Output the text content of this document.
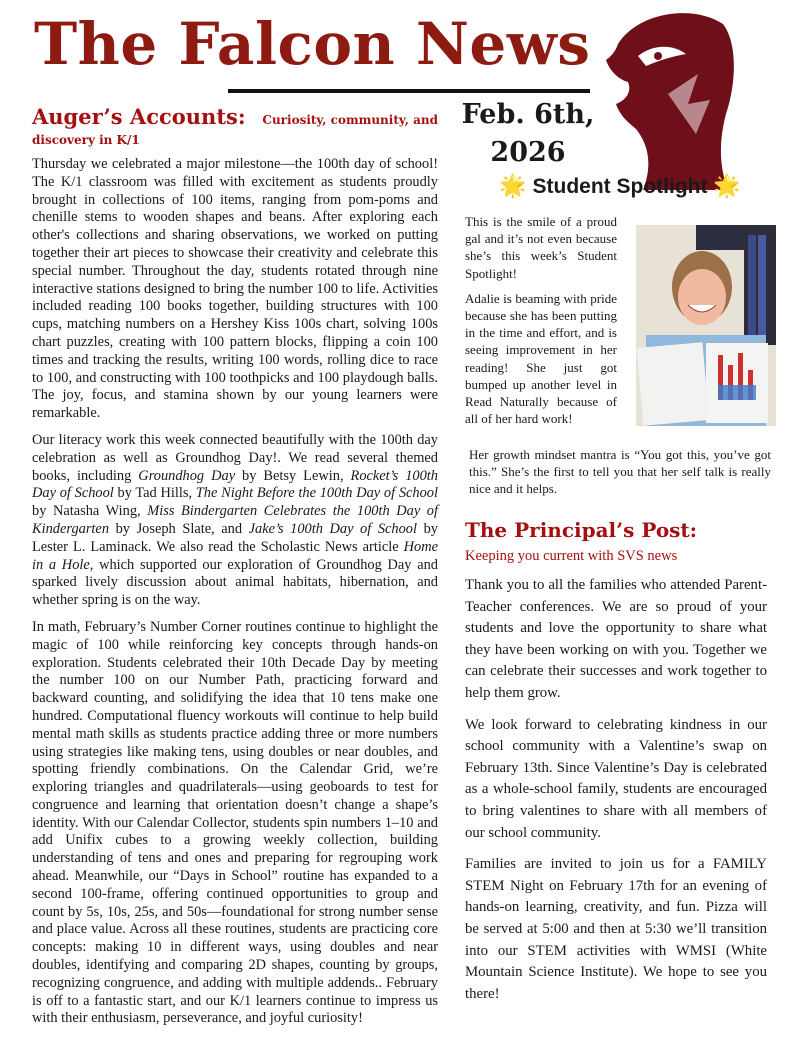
The Falcon News
Auger’s Accounts: Curiosity, community, and discovery in K/1

Thursday we celebrated a major milestone—the 100th day of school! The K/1 classroom was filled with excitement as students proudly brought in collections of 100 items, ranging from pom-poms and chenille stems to wooden shapes and beans. After exploring each other's collections and sharing observations, we worked on putting together their art pieces to showcase their creativity and celebrate this special number. Throughout the day, students rotated through nine interactive stations designed to bring the number 100 to life. Activities included reading 100 books together, building structures with 100 cups, matching numbers on a Hershey Kiss 100s chart, solving 100s chart puzzles, creating with 100 pattern blocks, flipping a coin 100 times and tracking the results, writing 100 words, rolling dice to race to 100, and constructing with 100 toothpicks and 100 playdough balls. The joy, focus, and stamina shown by our young learners were remarkable.

Our literacy work this week connected beautifully with the 100th day celebration as well as Groundhog Day!. We read several themed books, including Groundhog Day by Betsy Lewin, Rocket’s 100th Day of School by Tad Hills, The Night Before the 100th Day of School by Natasha Wing, Miss Bindergarten Celebrates the 100th Day of Kindergarten by Joseph Slate, and Jake’s 100th Day of School by Lester L. Laminack. We also read the Scholastic News article Home in a Hole, which supported our exploration of Groundhog Day and sparked lively discussion about animal habitats, hibernation, and whether spring is on the way.

In math, February’s Number Corner routines continue to highlight the magic of 100 while reinforcing key concepts through hands-on exploration. Students celebrated their 10th Decade Day by meeting the number 100 on our Number Path, practicing forward and backward counting, and solidifying the idea that 10 tens make one hundred. Computational fluency workouts will continue to help build mental math skills as students practice adding three or more numbers using strategies like making tens, using doubles or near doubles, and spotting friendly combinations. On the Calendar Grid, we’re exploring triangles and quadrilaterals—using geoboards to test for congruence and learning that orientation doesn’t change a shape’s identity. With our Calendar Collector, students spin numbers 1–10 and add Unifix cubes to a growing weekly collection, building understanding of tens and ones and preparing for regrouping work ahead. Meanwhile, our “Days in School” routine has expanded to a second 100-frame, offering continued opportunities to group and count by 5s, 10s, 25s, and 50s—foundational for strong number sense and place value. Across all these routines, students are practicing core concepts: making 10 in different ways, using doubles and near doubles, identifying and comparing 2D shapes, counting by groups, recognizing congruence, and adding with multiple addends.. February is off to a fantastic start, and our K/1 learners continue to impress us with their enthusiasm, perseverance, and joyful curiosity!

Feb. 6th,
2026
🌟 Student Spotlight 🌟

This is the smile of a proud gal and it’s not even because she’s this week’s Student Spotlight!

Adalie is beaming with pride because she has been putting in the time and effort, and is seeing improvement in her reading! She just got bumped up another level in Read Naturally because of all of her hard work!

Her growth mindset mantra is “You got this, you’ve got this.” She’s the first to tell you that her self talk is really nice and it helps.
The Principal’s Post:
Keeping you current with SVS news

Thank you to all the families who attended Parent-Teacher conferences. We are so proud of your students and love the opportunity to share what they have been working on with you. Together we can celebrate their successes and work together to help them grow.

We look forward to celebrating kindness in our school community with a Valentine’s swap on February 13th. Since Valentine’s Day is celebrated as a whole-school family, students are encouraged to bring valentines to share with all members of our school community.

Families are invited to join us for a FAMILY STEM Night on February 17th for an evening of hands-on learning, creativity, and fun. Pizza will be served at 5:00 and then at 5:30 we’ll transition into our STEM activities with WMSI (White Mountain Science Institute). We hope to see you there!
